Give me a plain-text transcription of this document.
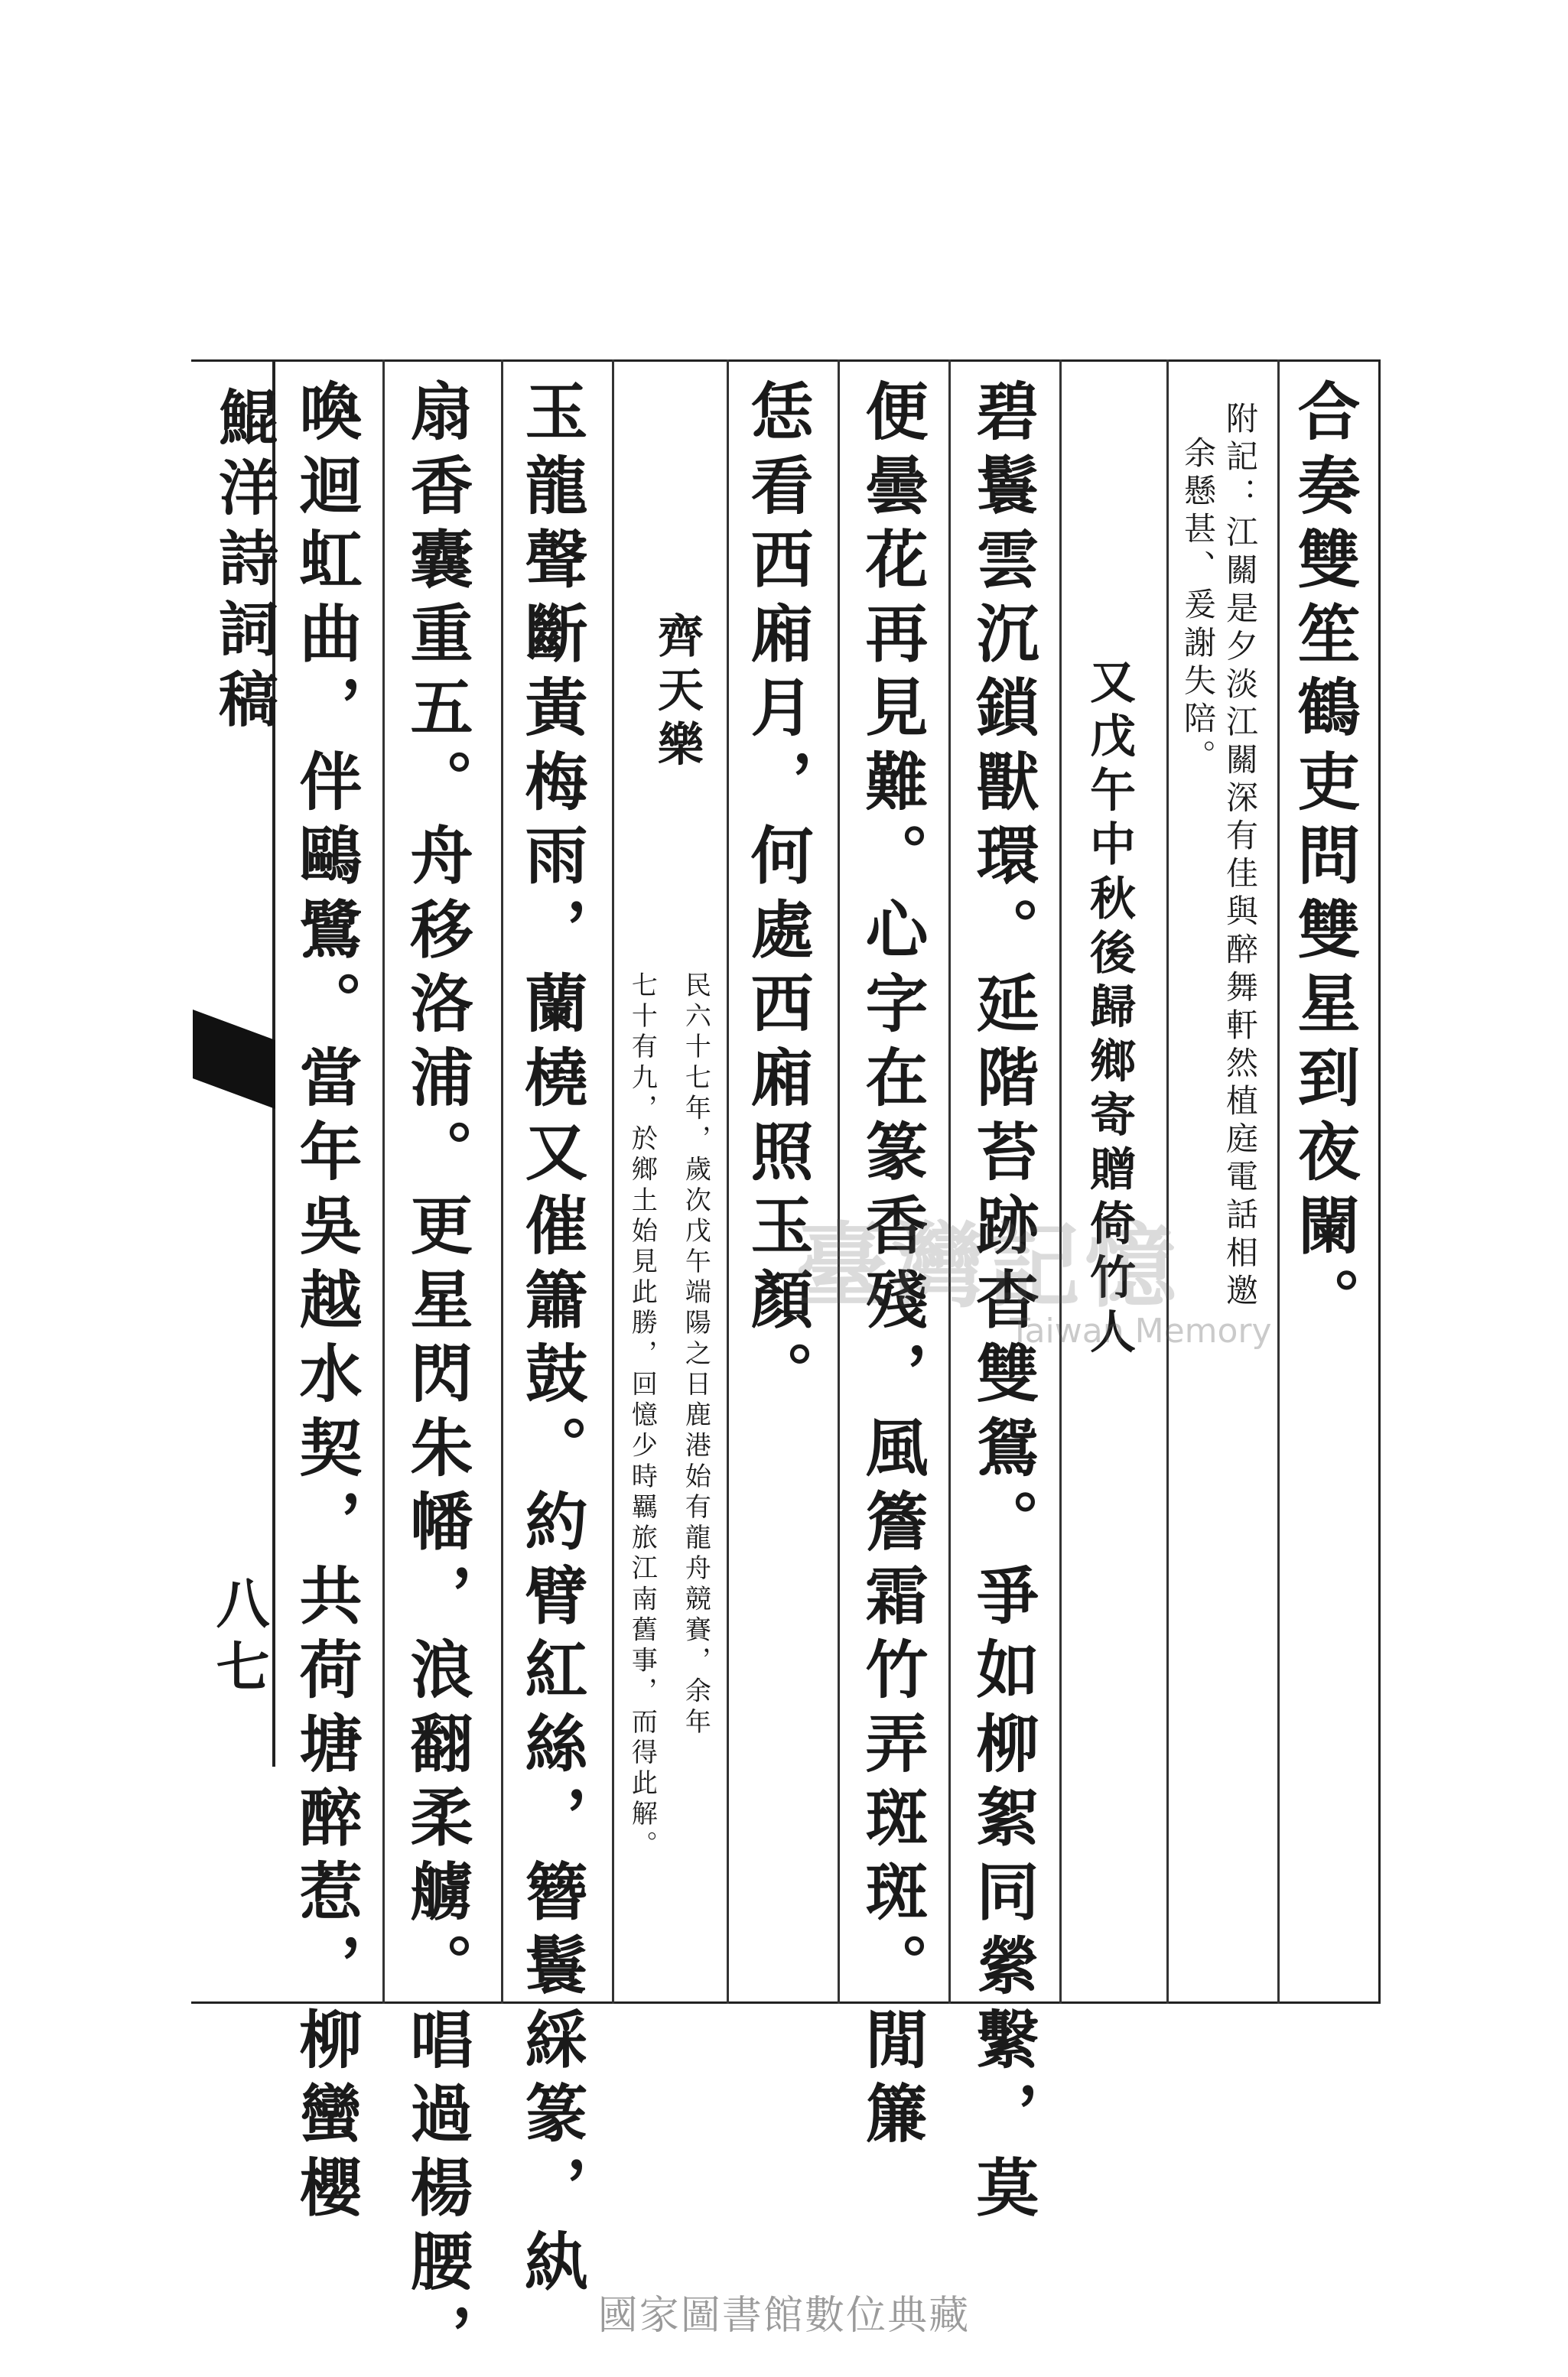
鯤洋詩詞稿
八七
合奏雙笙鶴吏問雙星到夜闌。
附記：江關是夕淡江關深有佳與醉舞軒然植庭電話相邀
余懸甚、爰謝失陪。
又戊午中秋後歸鄉寄贈倚竹人
碧鬟雲沉鎖獸環。延階苔跡杳雙鴛。爭如柳絮同縈繫，莫
便曇花再見難。心字在篆香殘，風簷霜竹弄斑斑。閒簾
恁看西廂月，何處西廂照玉顏。
齊天樂
民六十七年，歲次戊午端陽之日鹿港始有龍舟競賽，余年
七十有九，於鄉土始見此勝，回憶少時羈旅江南舊事，而得此解。
玉龍聲斷黃梅雨，蘭橈又催簫鼓。約臂紅絲，簪鬟綵篆，紈
扇香囊重五。舟移洛浦。更星閃朱幡，浪翻柔艣。唱過楊腰，
喚迴虹曲，伴鷗鷺。當年吳越水契，共荷塘醉惹，柳蠻櫻	臺灣記憶
Taiwan Memory
國家圖書館數位典藏
